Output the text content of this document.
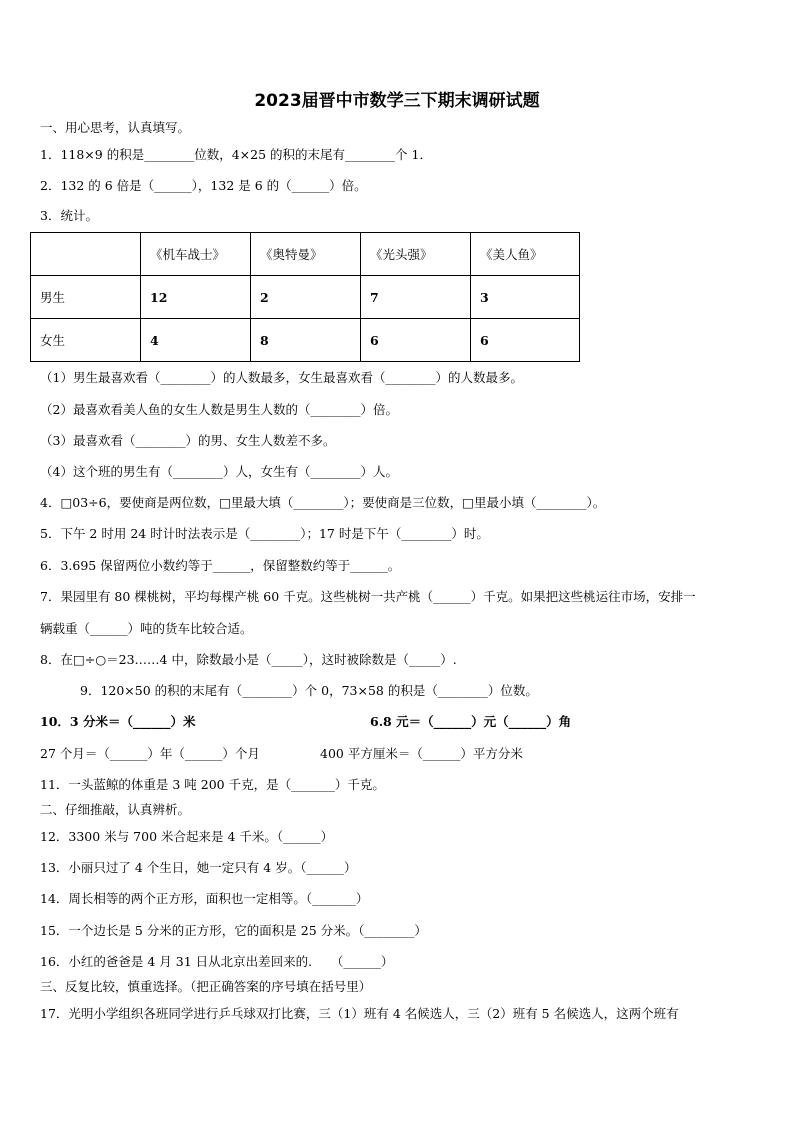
2023届晋中市数学三下期末调研试题
一、用心思考，认真填写。
1．118×9 的积是________位数，4×25 的积的末尾有________个 1．
2．132 的 6 倍是（______），132 是 6 的（______）倍。
3．统计。
	《机车战士》	《奥特曼》	《光头强》	《美人鱼》
男生	12	2	7	3
女生	4	8	6	6
（1）男生最喜欢看（________）的人数最多，女生最喜欢看（________）的人数最多。
（2）最喜欢看美人鱼的女生人数是男生人数的（________）倍。
（3）最喜欢看（________）的男、女生人数差不多。
（4）这个班的男生有（________）人，女生有（________）人。
4．□03÷6，要使商是两位数，□里最大填（________）；要使商是三位数，□里最小填（________）。
5．下午 2 时用 24 时计时法表示是（________）；17 时是下午（________）时。
6．3.695 保留两位小数约等于______，保留整数约等于______。
7．果园里有 80 棵桃树，平均每棵产桃 60 千克。这些桃树一共产桃（______）千克。如果把这些桃运往市场，安排一
辆载重（______）吨的货车比较合适。
8．在□÷○＝23……4 中，除数最小是（_____），这时被除数是（_____）.
9．120×50 的积的末尾有（________）个 0，73×58 的积是（________）位数。
10．3 分米＝（______）米	6.8 元＝（______）元（______）角
27 个月＝（______）年（______）个月	400 平方厘米＝（______）平方分米
11．一头蓝鲸的体重是 3 吨 200 千克，是（_______）千克。
二、仔细推敲，认真辨析。
12．3300 米与 700 米合起来是 4 千米。（______）
13．小丽只过了 4 个生日，她一定只有 4 岁。（______）
14．周长相等的两个正方形，面积也一定相等。（_______）
15．一个边长是 5 分米的正方形，它的面积是 25 分米。（________）
16．小红的爸爸是 4 月 31 日从北京出差回来的.　　（______）
三、反复比较，慎重选择。（把正确答案的序号填在括号里）
17．光明小学组织各班同学进行乒乓球双打比赛，三（1）班有 4 名候选人，三（2）班有 5 名候选人，这两个班有
